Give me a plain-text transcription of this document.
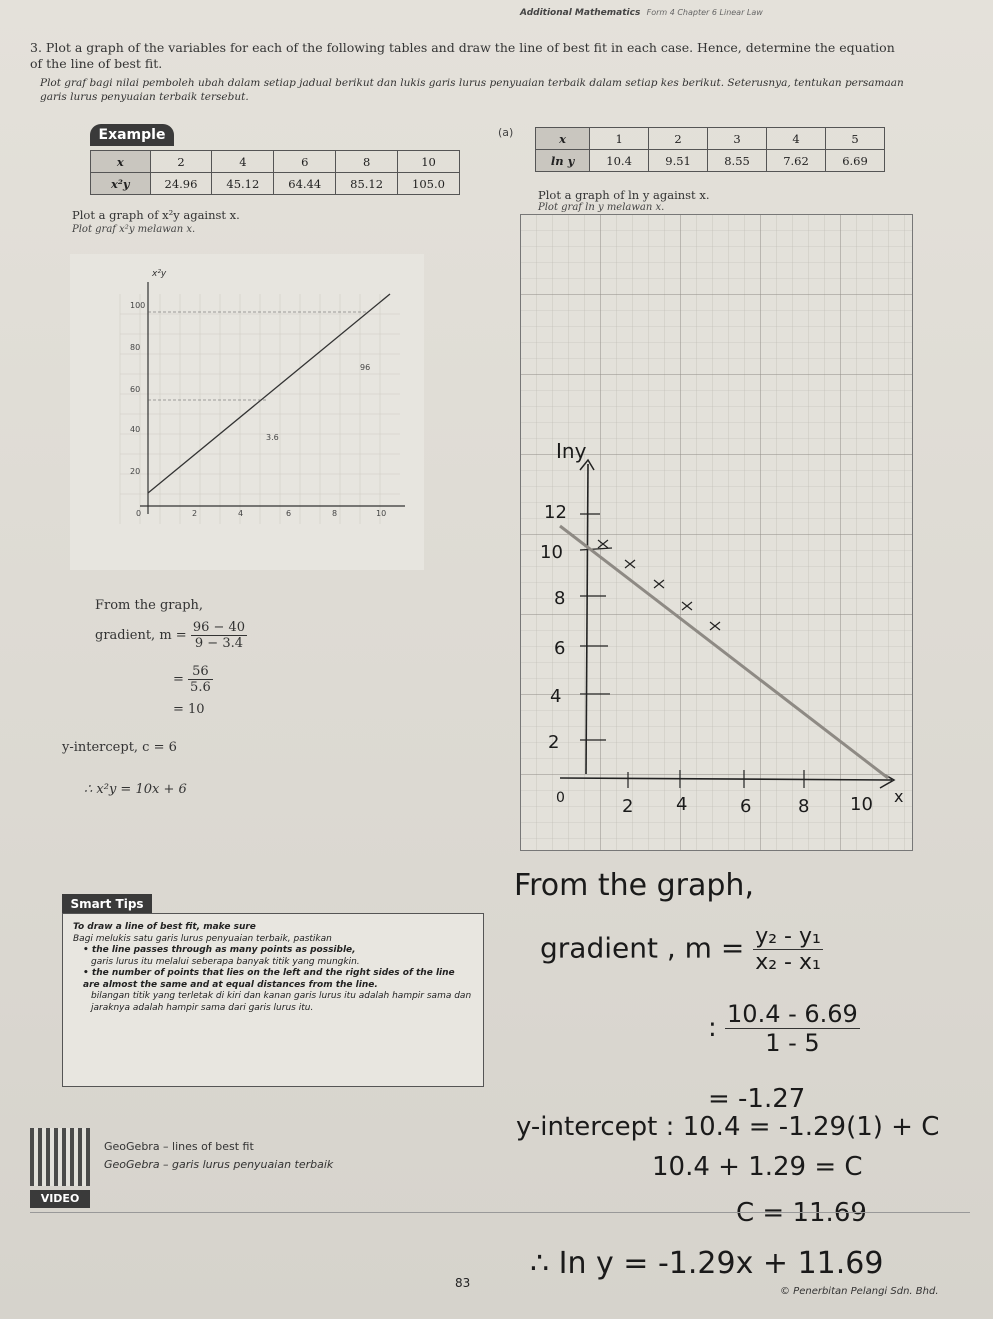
Additional Mathematics Form 4 Chapter 6 Linear Law
3. Plot a graph of the variables for each of the following tables and draw the line of best fit in each case. Hence, determine the equation of the line of best fit.
Plot graf bagi nilai pemboleh ubah dalam setiap jadual berikut dan lukis garis lurus penyuaian terbaik dalam setiap kes berikut. Seterusnya, tentukan persamaan garis lurus penyuaian terbaik tersebut.
Example
x	2	4	6	8	10
x²y	24.96	45.12	64.44	85.12	105.0
Plot a graph of x²y against x.
Plot graf x²y melawan x.
x²y
100
80
60
40
20
0	2	4	6	8	10
96
3.6
From the graph,
gradient, $m = \frac{96 - 40}{9 - 3.4}$
= $\frac{56}{5.6}$
= 10
y-intercept, c = 6
∴ x²y = 10x + 6
(a)	x	1	2	3	4	5
ln y	10.4	9.51	8.55	7.62	6.69
Plot a graph of ln y against x.
Plot graf ln y melawan x.
Iny
12
10
8
6
4
2
0	2 4	6	8 10 x
From the graph,
gradient , $m = \frac{\text{y₂ - y₁}}{\text{x₂ - x₁}}$
: $\frac{10.4 - 6.69}{1 - 5}$
= -1.27
y-intercept : 10.4 = -1.29(1) + C
10.4 + 1.29 = C
C = 11.69
∴ In y = -1.29x + 11.69
Smart Tips

To draw a line of best fit, make sure

Bagi melukis satu garis lurus penyuaian terbaik, pastikan

• the line passes through as many points as possible,

garis lurus itu melalui seberapa banyak titik yang mungkin.

• the number of points that lies on the left and the right sides of the line are almost the same and at equal distances from the line.

bilangan titik yang terletak di kiri dan kanan garis lurus itu adalah hampir sama dan jaraknya adalah hampir sama dari garis lurus itu.

VIDEO
GeoGebra – lines of best fit
GeoGebra – garis lurus penyuaian terbaik
83
© Penerbitan Pelangi Sdn. Bhd.
